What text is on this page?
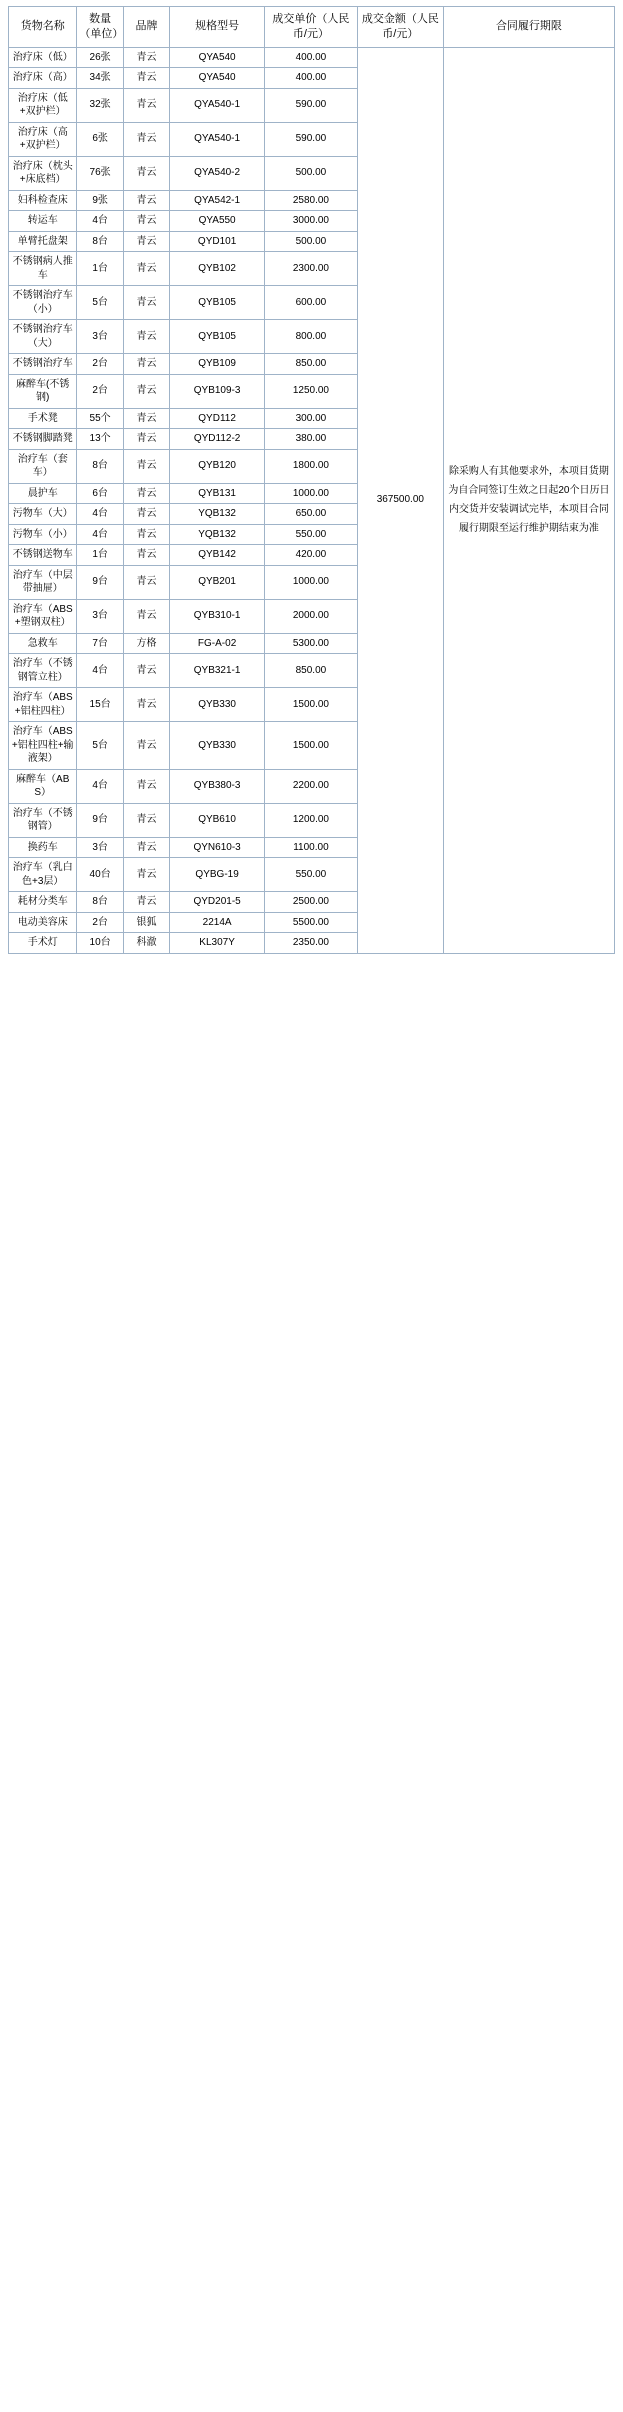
货物名称	数量（单位）	品牌	规格型号	成交单价（人民币/元）	成交金额（人民币/元）	合同履行期限
治疗床（低）	26张	青云	QYA540	400.00	367500.00	除采购人有其他要求外，本项目货期为自合同签订生效之日起20个日历日内交货并安装调试完毕，本项目合同履行期限至运行维护期结束为准
治疗床（高）	34张	青云	QYA540	400.00		
治疗床（低+双护栏）	32张	青云	QYA540-1	590.00		
治疗床（高+双护栏）	6张	青云	QYA540-1	590.00		
治疗床（枕头+床底档）	76张	青云	QYA540-2	500.00		
妇科检查床	9张	青云	QYA542-1	2580.00		
转运车	4台	青云	QYA550	3000.00		
单臂托盘架	8台	青云	QYD101	500.00		
不锈钢病人推车	1台	青云	QYB102	2300.00		
不锈钢治疗车（小）	5台	青云	QYB105	600.00		
不锈钢治疗车（大）	3台	青云	QYB105	800.00		
不锈钢治疗车	2台	青云	QYB109	850.00		
麻醉车(不锈钢)	2台	青云	QYB109-3	1250.00		
手术凳	55个	青云	QYD112	300.00		
不锈钢脚踏凳	13个	青云	QYD112-2	380.00		
治疗车（套车）	8台	青云	QYB120	1800.00		
晨护车	6台	青云	QYB131	1000.00		
污物车（大）	4台	青云	YQB132	650.00		
污物车（小）	4台	青云	YQB132	550.00		
不锈钢送物车	1台	青云	QYB142	420.00		
治疗车（中层带抽屉）	9台	青云	QYB201	1000.00		
治疗车（ABS+塑钢双柱）	3台	青云	QYB310-1	2000.00		
急救车	7台	方格	FG-A-02	5300.00		
治疗车（不锈钢管立柱）	4台	青云	QYB321-1	850.00		
治疗车（ABS+铝柱四柱）	15台	青云	QYB330	1500.00		
治疗车（ABS+铝柱四柱+输液架）	5台	青云	QYB330	1500.00		
麻醉车（ABS）	4台	青云	QYB380-3	2200.00		
治疗车（不锈钢管）	9台	青云	QYB610	1200.00		
换药车	3台	青云	QYN610-3	1100.00		
治疗车（乳白色+3层）	40台	青云	QYBG-19	550.00		
耗材分类车	8台	青云	QYD201-5	2500.00		
电动美容床	2台	银狐	2214A	5500.00		
手术灯	10台	科澈	KL307Y	2350.00		
